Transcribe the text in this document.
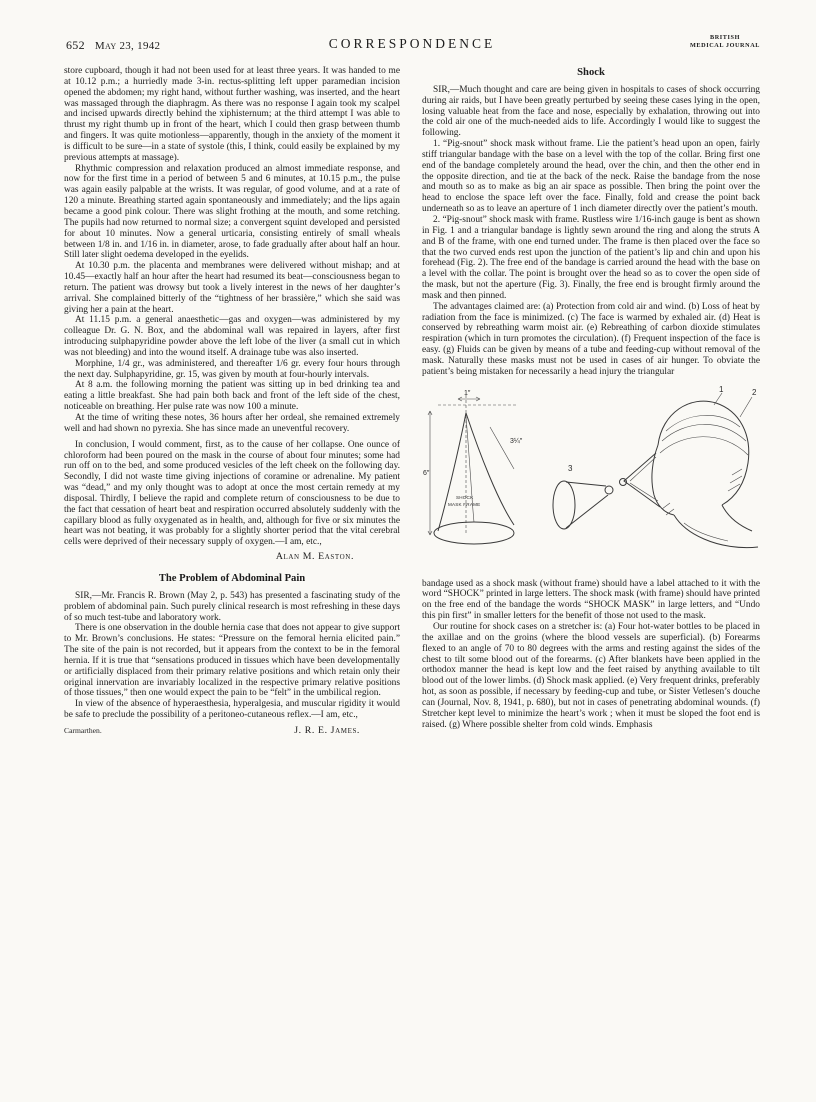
652 May 23, 1942	CORRESPONDENCE	BRITISH
MEDICAL JOURNAL

store cupboard, though it had not been used for at least three years. It was handed to me at 10.12 p.m.; a hurriedly made 3-in. rectus-splitting left upper paramedian incision opened the abdomen; my right hand, without further washing, was inserted, and the heart was massaged through the diaphragm. As there was no response I again took my scalpel and incised upwards directly behind the xiphisternum; at the third attempt I was able to thrust my right thumb up in front of the heart, which I could then grasp between thumb and fingers. It was quite motionless—apparently, though in the anxiety of the moment it is difficult to be sure—in a state of systole (this, I think, could easily be explained by my previous attempts at massage).

Rhythmic compression and relaxation produced an almost immediate response, and now for the first time in a period of between 5 and 6 minutes, at 10.15 p.m., the pulse was again easily palpable at the wrists. It was regular, of good volume, and at a rate of 120 a minute. Breathing started again spontaneously and immediately; and the lips again became a good pink colour. There was slight frothing at the mouth, and some retching. The pupils had now returned to normal size; a convergent squint developed and persisted for about 10 minutes. Now a general urticaria, consisting entirely of small wheals between 1/8 in. and 1/16 in. in diameter, arose, to fade gradually after about half an hour. Still later slight oedema developed in the eyelids.

At 10.30 p.m. the placenta and membranes were delivered without mishap; and at 10.45—exactly half an hour after the heart had resumed its beat—consciousness began to return. The patient was drowsy but took a lively interest in the news of her daughter’s arrival. She complained bitterly of the “tightness of her brassière,” which she said was giving her a pain at the heart.

At 11.15 p.m. a general anaesthetic—gas and oxygen—was administered by my colleague Dr. G. N. Box, and the abdominal wall was repaired in layers, after first introducing sulphapyridine powder above the left lobe of the liver (a small cut in which was not bleeding) and into the wound itself. A drainage tube was also inserted.

Morphine, 1/4 gr., was administered, and thereafter 1/6 gr. every four hours through the next day. Sulphapyridine, gr. 15, was given by mouth at four-hourly intervals.

At 8 a.m. the following morning the patient was sitting up in bed drinking tea and eating a little breakfast. She had pain both back and front of the left side of the chest, noticeable on breathing. Her pulse rate was now 100 a minute.

At the time of writing these notes, 36 hours after her ordeal, she remained extremely well and had shown no pyrexia. She has since made an uneventful recovery.

In conclusion, I would comment, first, as to the cause of her collapse. One ounce of chloroform had been poured on the mask in the course of about four minutes; some had run off on to the bed, and some produced vesicles of the left cheek on the following day. Secondly, I did not waste time giving injections of coramine or adrenaline. My patient was “dead,” and my only thought was to adopt at once the most certain remedy at my disposal. Thirdly, I believe the rapid and complete return of consciousness to be due to the fact that cessation of heart beat and respiration occurred absolutely suddenly with the capillary blood as fully oxygenated as in health, and, although for five or six minutes the heart was not beating, it was probably for a slightly shorter period that the vital cerebral cells were deprived of their necessary supply of oxygen.—I am, etc.,

Alan M. Easton.
The Problem of Abdominal Pain

SIR,—Mr. Francis R. Brown (May 2, p. 543) has presented a fascinating study of the problem of abdominal pain. Such purely clinical research is most refreshing in these days of so much test-tube and laboratory work.

There is one observation in the double hernia case that does not appear to give support to Mr. Brown’s conclusions. He states: “Pressure on the femoral hernia elicited pain.” The site of the pain is not recorded, but it appears from the context to be in the femoral hernia. If it is true that “sensations produced in tissues which have been developmentally or artificially displaced from their primary relative positions and which retain only their original innervation are invariably localized in the respective primary relative positions of those tissues,” then one would expect the pain to be “felt” in the umbilical region.

In view of the absence of hyperaesthesia, hyperalgesia, and muscular rigidity it would be safe to preclude the possibility of a peritoneo-cutaneous reflex.—I am, etc.,

Carmarthen.	J. R. E. James.
Shock

SIR,—Much thought and care are being given in hospitals to cases of shock occurring during air raids, but I have been greatly perturbed by seeing these cases lying in the open, losing valuable heat from the face and nose, especially by exhalation, throwing out into the cold air one of the much-needed aids to life. Accordingly I would like to suggest the following.

1. “Pig-snout” shock mask without frame. Lie the patient’s head upon an open, fairly stiff triangular bandage with the base on a level with the top of the collar. Bring first one end of the bandage completely around the head, over the chin, and then the other end in the opposite direction, and tie at the back of the neck. Raise the bandage from the nose and mouth so as to make as big an air space as possible. Then bring the point over the head to enclose the space left over the face. Finally, fold and crease the point back underneath so as to leave an aperture of 1 inch diameter directly over the patient’s mouth.

2. “Pig-snout” shock mask with frame. Rustless wire 1/16-inch gauge is bent as shown in Fig. 1 and a triangular bandage is lightly sewn around the ring and along the struts A and B of the frame, with one end turned under. The frame is then placed over the face so that the two curved ends rest upon the junction of the patient’s lip and chin and upon his forehead (Fig. 2). The free end of the bandage is carried around the head with the base on a level with the collar. The point is brought over the head so as to cover the open side of the mask, but not the aperture (Fig. 3). Finally, the free end is brought firmly around the mask and then pinned.

The advantages claimed are: (a) Protection from cold air and wind. (b) Loss of heat by radiation from the face is minimized. (c) The face is warmed by exhaled air. (d) Heat is conserved by rebreathing warm moist air. (e) Rebreathing of carbon dioxide stimulates respiration (which in turn promotes the circulation). (f) Frequent inspection of the face is easy. (g) Fluids can be given by means of a tube and feeding-cup without removal of the mask. Naturally these masks must not be used in cases of air hunger. To obviate the patient’s being mistaken for necessarily a head injury the triangular

1″
6″
3¼″
SHOCK
MASK FRAME
3
1	2

bandage used as a shock mask (without frame) should have a label attached to it with the word “SHOCK” printed in large letters. The shock mask (with frame) should have printed on the free end of the bandage the words “SHOCK MASK” in large letters, and “Undo this pin first” in smaller letters for the benefit of those not used to the mask.

Our routine for shock cases on a stretcher is: (a) Four hot-water bottles to be placed in the axillae and on the groins (where the blood vessels are superficial). (b) Forearms flexed to an angle of 70 to 80 degrees with the arms and resting against the sides of the chest to tilt some blood out of the forearms. (c) After blankets have been applied in the orthodox manner the head is kept low and the feet raised by anything available to tilt blood out of the lower limbs. (d) Shock mask applied. (e) Very frequent drinks, preferably hot, as soon as possible, if necessary by feeding-cup and tube, or Sister Vetlesen’s douche can (Journal, Nov. 8, 1941, p. 680), but not in cases of penetrating abdominal wounds. (f) Stretcher kept level to minimize the heart’s work ; when it must be sloped the foot end is raised. (g) Where possible shelter from cold winds. Emphasis
